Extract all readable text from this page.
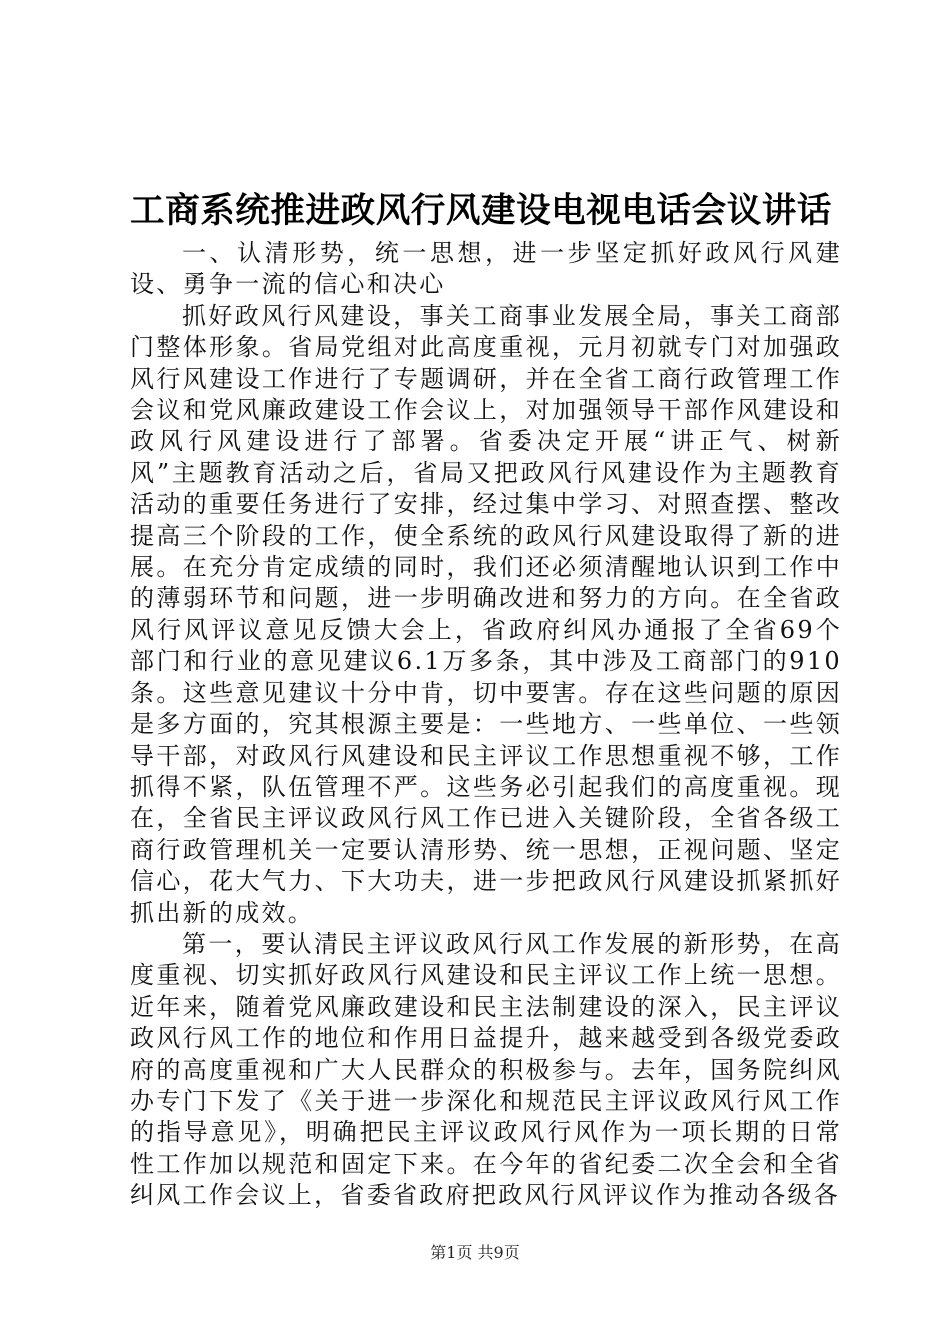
工商系统推进政风行风建设电视电话会议讲话

一、认清形势，统一思想，进一步坚定抓好政风行风建设、勇争一流的信心和决心

抓好政风行风建设，事关工商事业发展全局，事关工商部门整体形象。省局党组对此高度重视，元月初就专门对加强政风行风建设工作进行了专题调研，并在全省工商行政管理工作会议和党风廉政建设工作会议上，对加强领导干部作风建设和政风行风建设进行了部署。省委决定开展“讲正气、树新风”主题教育活动之后，省局又把政风行风建设作为主题教育活动的重要任务进行了安排，经过集中学习、对照查摆、整改提高三个阶段的工作，使全系统的政风行风建设取得了新的进展。在充分肯定成绩的同时，我们还必须清醒地认识到工作中的薄弱环节和问题，进一步明确改进和努力的方向。在全省政风行风评议意见反馈大会上，省政府纠风办通报了全省69个部门和行业的意见建议6.1万多条，其中涉及工商部门的910条。这些意见建议十分中肯，切中要害。存在这些问题的原因是多方面的，究其根源主要是：一些地方、一些单位、一些领导干部，对政风行风建设和民主评议工作思想重视不够，工作抓得不紧，队伍管理不严。这些务必引起我们的高度重视。现在，全省民主评议政风行风工作已进入关键阶段，全省各级工商行政管理机关一定要认清形势、统一思想，正视问题、坚定信心，花大气力、下大功夫，进一步把政风行风建设抓紧抓好抓出新的成效。

第一，要认清民主评议政风行风工作发展的新形势，在高度重视、切实抓好政风行风建设和民主评议工作上统一思想。近年来，随着党风廉政建设和民主法制建设的深入，民主评议政风行风工作的地位和作用日益提升，越来越受到各级党委政府的高度重视和广大人民群众的积极参与。去年，国务院纠风办专门下发了《关于进一步深化和规范民主评议政风行风工作的指导意见》，明确把民主评议政风行风作为一项长期的日常性工作加以规范和固定下来。在今年的省纪委二次全会和全省纠风工作会议上，省委省政府把政风行风评议作为推动各级各

第1页 共9页
